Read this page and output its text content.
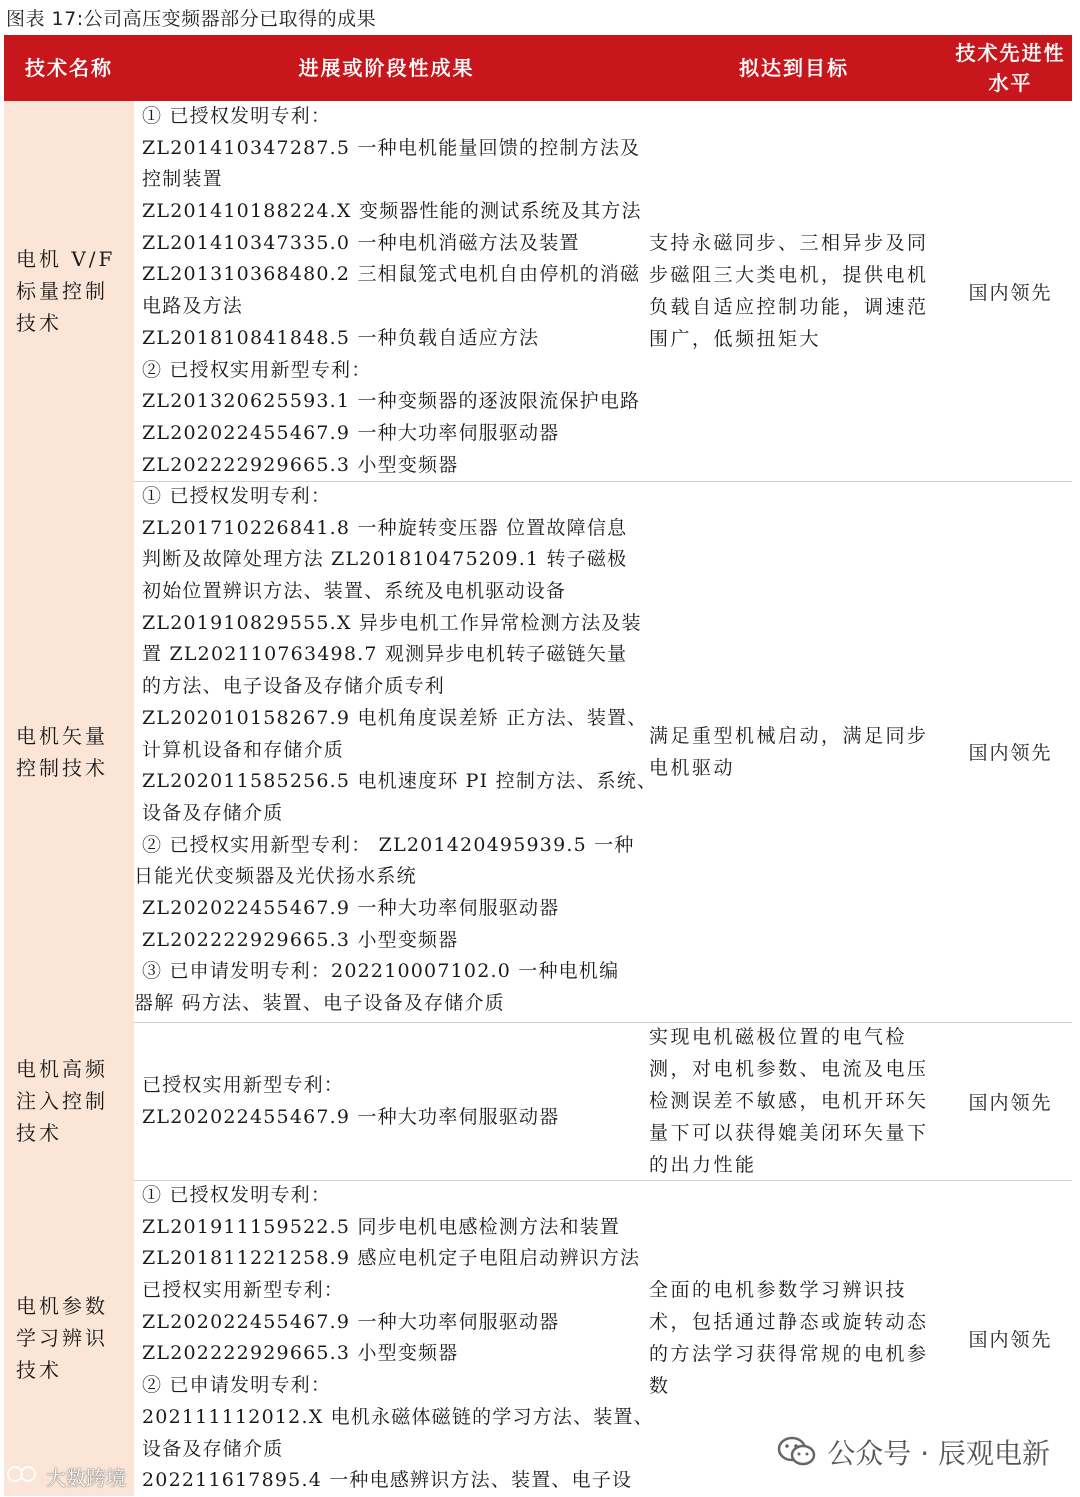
图表 17:公司高压变频器部分已取得的成果
技术名称	进展或阶段性成果	拟达到目标
技术先进性
水平
电机 V/F 标量控制技术
① 已授权发明专利：
ZL201410347287.5 一种电机能量回馈的控制方法及
控制装置
ZL201410188224.X 变频器性能的测试系统及其方法
ZL201410347335.0 一种电机消磁方法及装置
ZL201310368480.2 三相鼠笼式电机自由停机的消磁
电路及方法
ZL201810841848.5 一种负载自适应方法
② 已授权实用新型专利：
ZL201320625593.1 一种变频器的逐波限流保护电路
ZL202022455467.9 一种大功率伺服驱动器
ZL202222929665.3 小型变频器
支持永磁同步、三相异步及同步磁阻三大类电机，提供电机负载自适应控制功能，调速范围广，低频扭矩大
国内领先
电机矢量控制技术
① 已授权发明专利：
ZL201710226841.8 一种旋转变压器 位置故障信息
判断及故障处理方法 ZL201810475209.1 转子磁极
初始位置辨识方法、装置、系统及电机驱动设备
ZL201910829555.X 异步电机工作异常检测方法及装
置 ZL202110763498.7 观测异步电机转子磁链矢量
的方法、电子设备及存储介质专利
ZL202010158267.9 电机角度误差矫 正方法、装置、
计算机设备和存储介质
ZL202011585256.5 电机速度环 PI 控制方法、系统、
设备及存储介质
② 已授权实用新型专利： ZL201420495939.5 一种
日能光伏变频器及光伏扬水系统
ZL202022455467.9 一种大功率伺服驱动器
ZL202222929665.3 小型变频器
③ 已申请发明专利：202210007102.0 一种电机编
器解 码方法、装置、电子设备及存储介质
满足重型机械启动，满足同步电机驱动
国内领先
电机高频注入控制技术
已授权实用新型专利：
ZL202022455467.9 一种大功率伺服驱动器
实现电机磁极位置的电气检测，对电机参数、电流及电压检测误差不敏感，电机开环矢量下可以获得媲美闭环矢量下的出力性能
国内领先
电机参数学习辨识技术
① 已授权发明专利：
ZL201911159522.5 同步电机电感检测方法和装置
ZL201811221258.9 感应电机定子电阻启动辨识方法
已授权实用新型专利：
ZL202022455467.9 一种大功率伺服驱动器
ZL202222929665.3 小型变频器
② 已申请发明专利：
202111112012.X 电机永磁体磁链的学习方法、装置、
设备及存储介质
202211617895.4 一种电感辨识方法、装置、电子设
全面的电机参数学习辨识技术，包括通过静态或旋转动态的方法学习获得常规的电机参数
国内领先
大数跨境
公众号 · 辰观电新
